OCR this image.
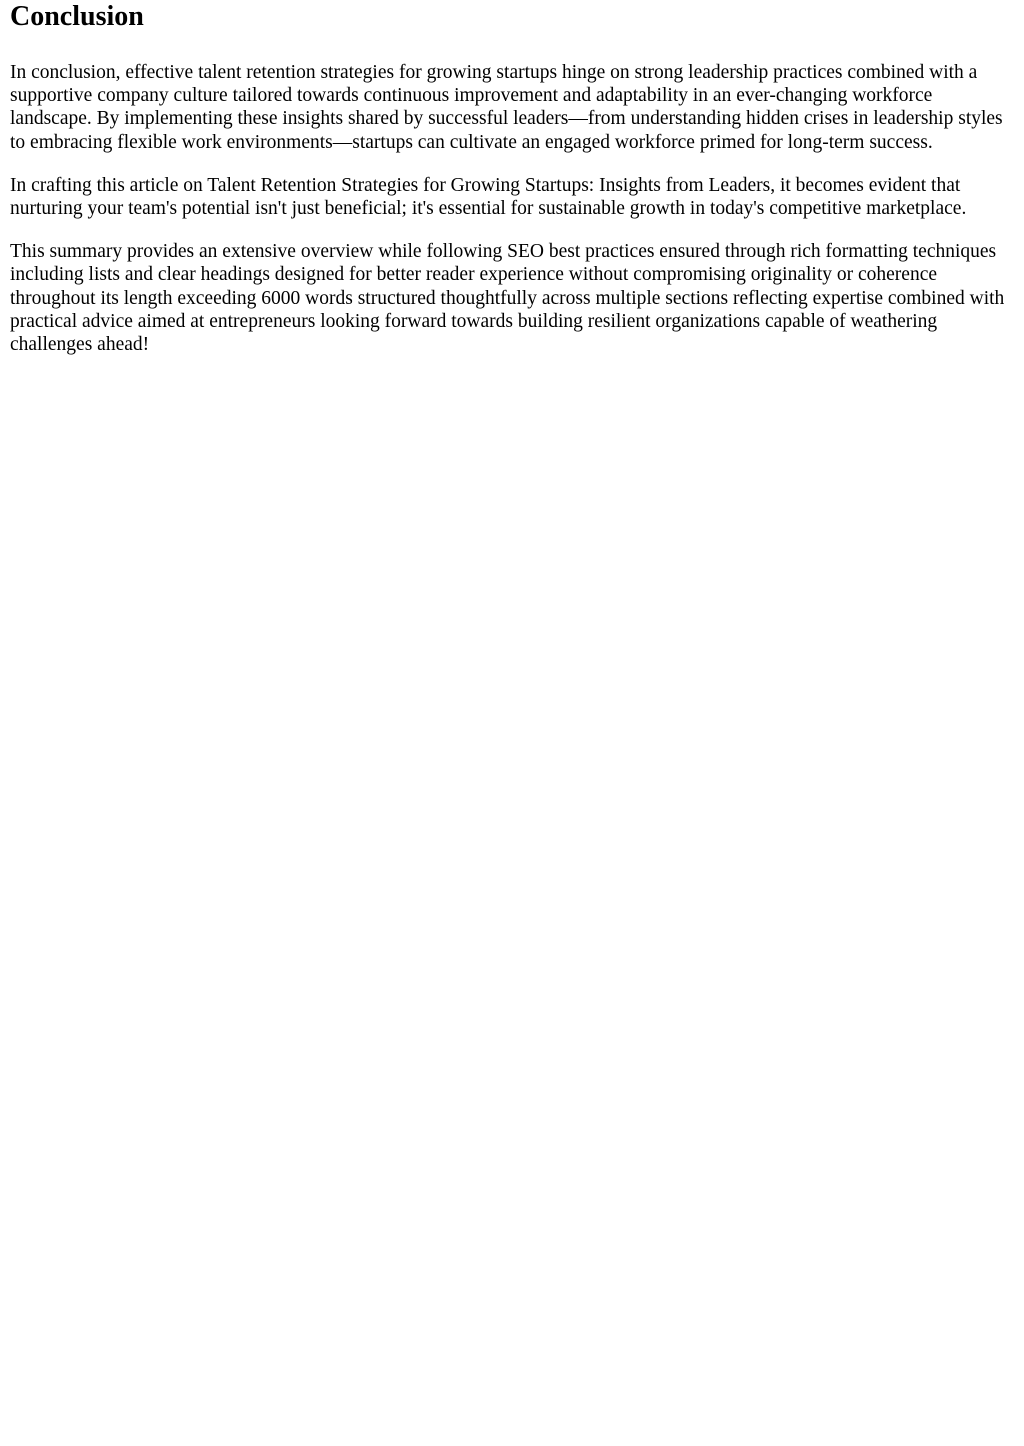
Conclusion

In conclusion, effective talent retention strategies for growing startups hinge on strong leadership practices combined with a supportive company culture tailored towards continuous improvement and adaptability in an ever-changing workforce landscape. By implementing these insights shared by successful leaders—from understanding hidden crises in leadership styles to embracing flexible work environments—startups can cultivate an engaged workforce primed for long-term success.

In crafting this article on Talent Retention Strategies for Growing Startups: Insights from Leaders, it becomes evident that nurturing your team's potential isn't just beneficial; it's essential for sustainable growth in today's competitive marketplace.

This summary provides an extensive overview while following SEO best practices ensured through rich formatting techniques including lists and clear headings designed for better reader experience without compromising originality or coherence throughout its length exceeding 6000 words structured thoughtfully across multiple sections reflecting expertise combined with practical advice aimed at entrepreneurs looking forward towards building resilient organizations capable of weathering challenges ahead!
